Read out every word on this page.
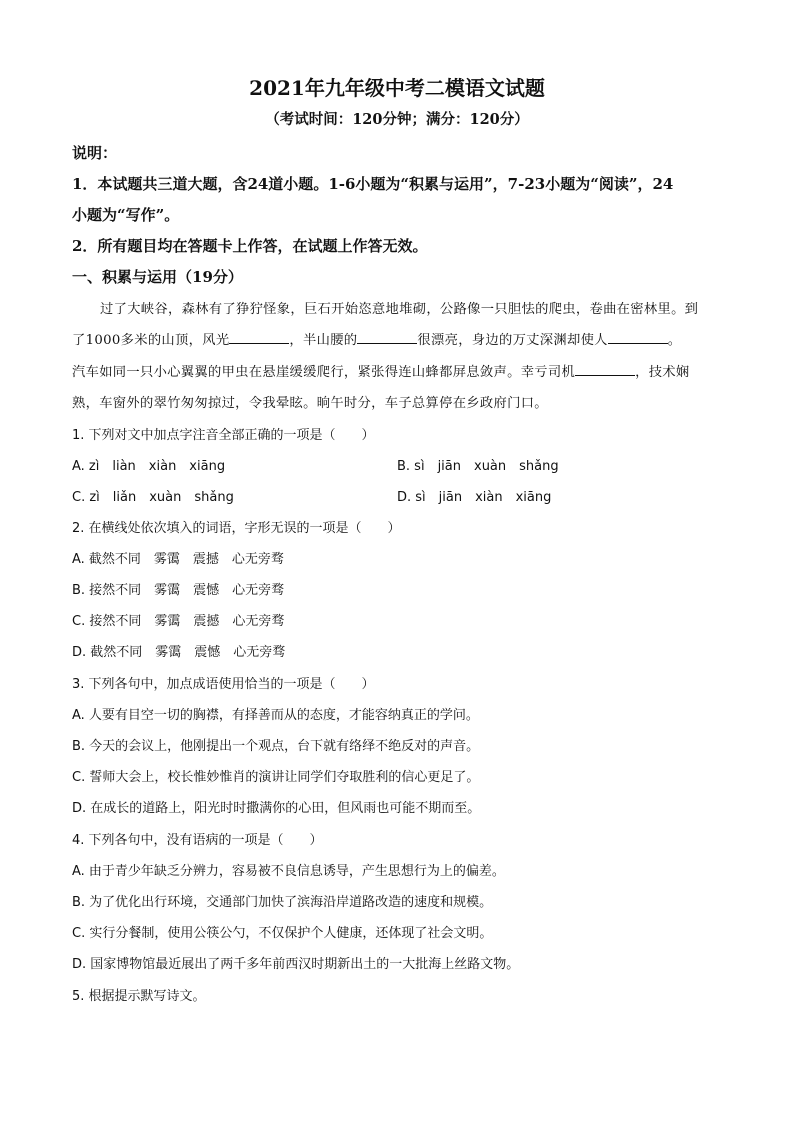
2021年九年级中考二模语文试题
（考试时间：120分钟；满分：120分）
说明：
1．本试题共三道大题，含24道小题。1-6小题为“积累与运用”，7-23小题为“阅读”，24
小题为“写作”。
2．所有题目均在答题卡上作答，在试题上作答无效。
一、积累与运用（19分）
过了大峡谷，森林有了狰狞怪象，巨石开始恣意地堆砌，公路像一只胆怯的爬虫，卷曲在密林里。到
了1000多米的山顶，风光	，半山腰的	很漂亮，身边的万丈深渊却使人	。
汽车如同一只小心翼翼的甲虫在悬崖缓缓爬行，紧张得连山蜂都屏息敛声。幸亏司机	，技术娴
熟，车窗外的翠竹匆匆掠过，令我晕眩。晌午时分，车子总算停在乡政府门口。
1. 下列对文中加点字注音全部正确的一项是（　　）
A. zì　liàn　xiàn　xiāng	B. sì　jiān　xuàn　shǎng
C. zì　liǎn　xuàn　shǎng	D. sì　jiān　xiàn　xiāng
2. 在横线处依次填入的词语，字形无误的一项是（　　）
A. 截然不同　雾霭　震撼　心无旁骛
B. 接然不同　雾霭　震憾　心无旁骛
C. 接然不同　雾霭　震撼　心无旁骛
D. 截然不同　雾霭　震憾　心无旁骛
3. 下列各句中，加点成语使用恰当的一项是（　　）
A. 人要有目空一切的胸襟，有择善而从的态度，才能容纳真正的学问。
B. 今天的会议上，他刚提出一个观点，台下就有络绎不绝反对的声音。
C. 誓师大会上，校长惟妙惟肖的演讲让同学们夺取胜利的信心更足了。
D. 在成长的道路上，阳光时时撒满你的心田，但风雨也可能不期而至。
4. 下列各句中，没有语病的一项是（　　）
A. 由于青少年缺乏分辨力，容易被不良信息诱导，产生思想行为上的偏差。
B. 为了优化出行环境，交通部门加快了滨海沿岸道路改造的速度和规模。
C. 实行分餐制，使用公筷公勺，不仅保护个人健康，还体现了社会文明。
D. 国家博物馆最近展出了两千多年前西汉时期新出土的一大批海上丝路文物。
5. 根据提示默写诗文。
